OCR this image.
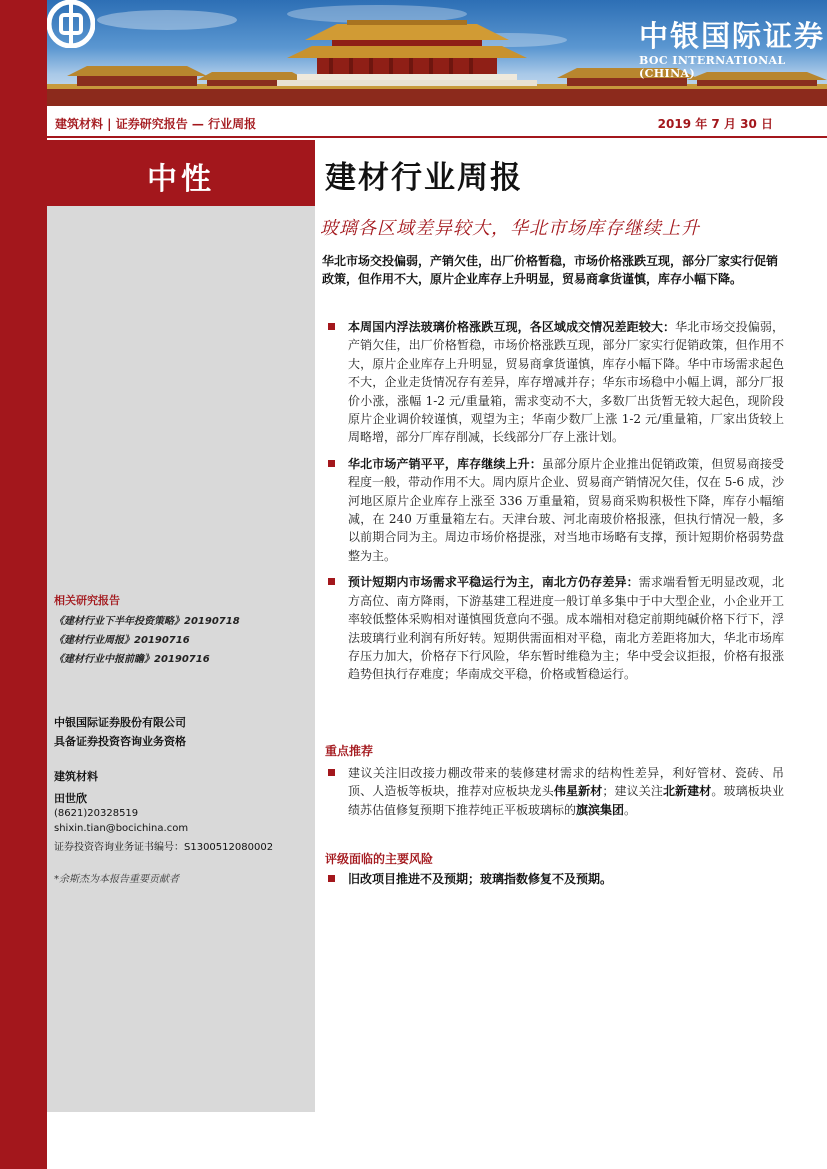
中银国际证券
BOC INTERNATIONAL (CHINA)
建筑材料 | 证券研究报告 — 行业周报	2019 年 7 月 30 日
中性
相关研究报告
《建材行业下半年投资策略》20190718
《建材行业周报》20190716
《建材行业中报前瞻》20190716
中银国际证券股份有限公司
具备证券投资咨询业务资格
建筑材料
田世欣
(8621)20328519
shixin.tian@bocichina.com
证券投资咨询业务证书编号：S1300512080002
*余斯杰为本报告重要贡献者
建材行业周报
玻璃各区域差异较大，华北市场库存继续上升
华北市场交投偏弱，产销欠佳，出厂价格暂稳，市场价格涨跌互现，部分厂家实行促销政策，但作用不大，原片企业库存上升明显，贸易商拿货谨慎，库存小幅下降。
本周国内浮法玻璃价格涨跌互现，各区域成交情况差距较大：华北市场交投偏弱，产销欠佳，出厂价格暂稳，市场价格涨跌互现，部分厂家实行促销政策，但作用不大，原片企业库存上升明显，贸易商拿货谨慎，库存小幅下降。华中市场需求起色不大，企业走货情况存有差异，库存增减并存；华东市场稳中小幅上调，部分厂报价小涨，涨幅 1-2 元/重量箱，需求变动不大，多数厂出货暂无较大起色，现阶段原片企业调价较谨慎，观望为主；华南少数厂上涨 1-2 元/重量箱，厂家出货较上周略增，部分厂库存削减，长线部分厂存上涨计划。
华北市场产销平平，库存继续上升：虽部分原片企业推出促销政策，但贸易商接受程度一般，带动作用不大。周内原片企业、贸易商产销情况欠佳，仅在 5-6 成，沙河地区原片企业库存上涨至 336 万重量箱，贸易商采购积极性下降，库存小幅缩减，在 240 万重量箱左右。天津台玻、河北南玻价格报涨，但执行情况一般，多以前期合同为主。周边市场价格提涨，对当地市场略有支撑，预计短期价格弱势盘整为主。
预计短期内市场需求平稳运行为主，南北方仍存差异：需求端看暂无明显改观，北方高位、南方降雨，下游基建工程进度一般订单多集中于中大型企业，小企业开工率较低整体采购相对谨慎囤货意向不强。成本端相对稳定前期纯碱价格下行下，浮法玻璃行业利润有所好转。短期供需面相对平稳，南北方差距将加大，华北市场库存压力加大，价格存下行风险，华东暂时维稳为主；华中受会议拒报，价格有报涨趋势但执行存难度；华南成交平稳，价格或暂稳运行。
重点推荐
建议关注旧改接力棚改带来的装修建材需求的结构性差异，利好管材、瓷砖、吊顶、人造板等板块，推荐对应板块龙头伟星新材；建议关注北新建材。玻璃板块业绩苏估值修复预期下推荐纯正平板玻璃标的旗滨集团。
评级面临的主要风险
旧改项目推进不及预期；玻璃指数修复不及预期。
